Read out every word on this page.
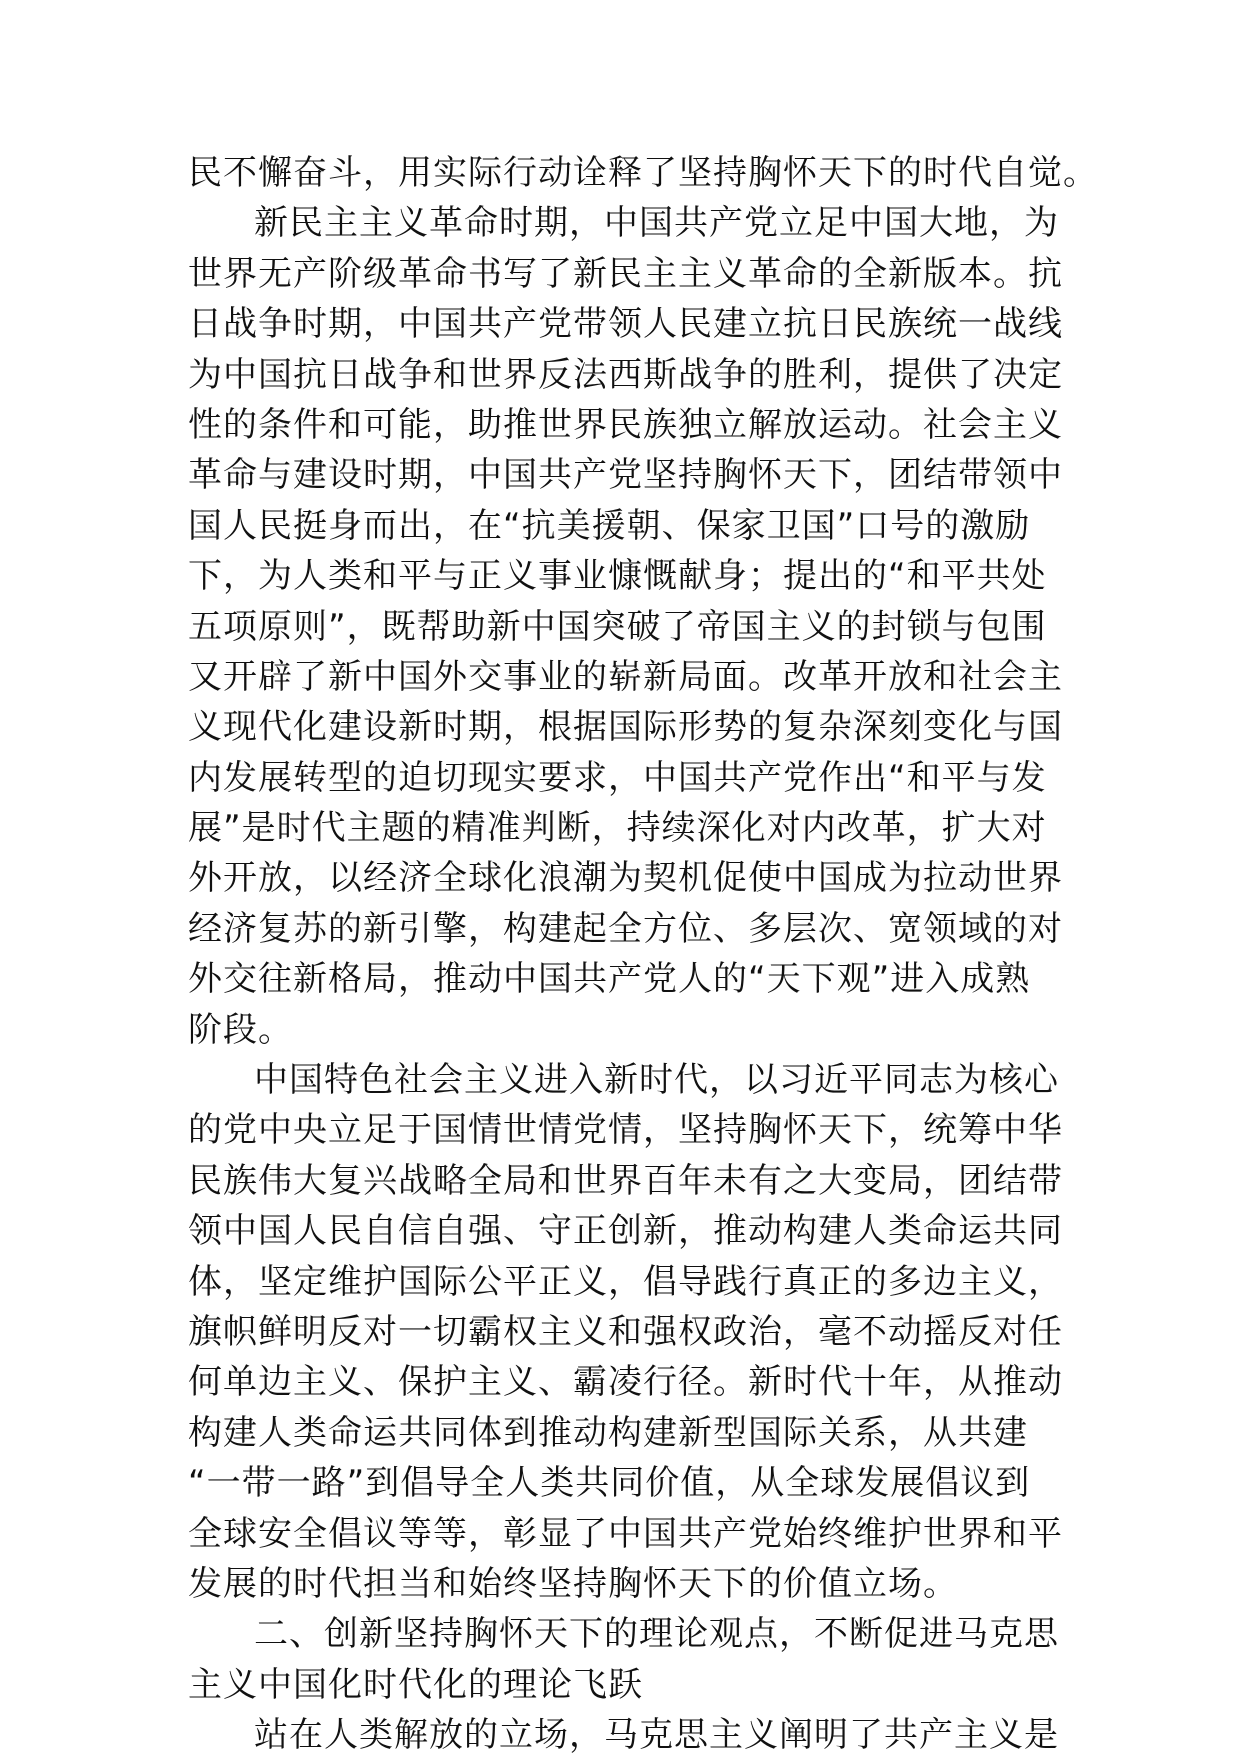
民不懈奋斗，用实际行动诠释了坚持胸怀天下的时代自觉。
新民主主义革命时期，中国共产党立足中国大地，为
世界无产阶级革命书写了新民主主义革命的全新版本。抗
日战争时期，中国共产党带领人民建立抗日民族统一战线
为中国抗日战争和世界反法西斯战争的胜利，提供了决定
性的条件和可能，助推世界民族独立解放运动。社会主义
革命与建设时期，中国共产党坚持胸怀天下，团结带领中
国人民挺身而出，在“抗美援朝、保家卫国”口号的激励
下，为人类和平与正义事业慷慨献身；提出的“和平共处
五项原则”，既帮助新中国突破了帝国主义的封锁与包围
又开辟了新中国外交事业的崭新局面。改革开放和社会主
义现代化建设新时期，根据国际形势的复杂深刻变化与国
内发展转型的迫切现实要求，中国共产党作出“和平与发
展”是时代主题的精准判断，持续深化对内改革，扩大对
外开放，以经济全球化浪潮为契机促使中国成为拉动世界
经济复苏的新引擎，构建起全方位、多层次、宽领域的对
外交往新格局，推动中国共产党人的“天下观”进入成熟
阶段。
中国特色社会主义进入新时代，以习近平同志为核心
的党中央立足于国情世情党情，坚持胸怀天下，统筹中华
民族伟大复兴战略全局和世界百年未有之大变局，团结带
领中国人民自信自强、守正创新，推动构建人类命运共同
体，坚定维护国际公平正义，倡导践行真正的多边主义，
旗帜鲜明反对一切霸权主义和强权政治，毫不动摇反对任
何单边主义、保护主义、霸凌行径。新时代十年，从推动
构建人类命运共同体到推动构建新型国际关系，从共建
“一带一路”到倡导全人类共同价值，从全球发展倡议到
全球安全倡议等等，彰显了中国共产党始终维护世界和平
发展的时代担当和始终坚持胸怀天下的价值立场。
二、创新坚持胸怀天下的理论观点，不断促进马克思
主义中国化时代化的理论飞跃
站在人类解放的立场，马克思主义阐明了共产主义是
